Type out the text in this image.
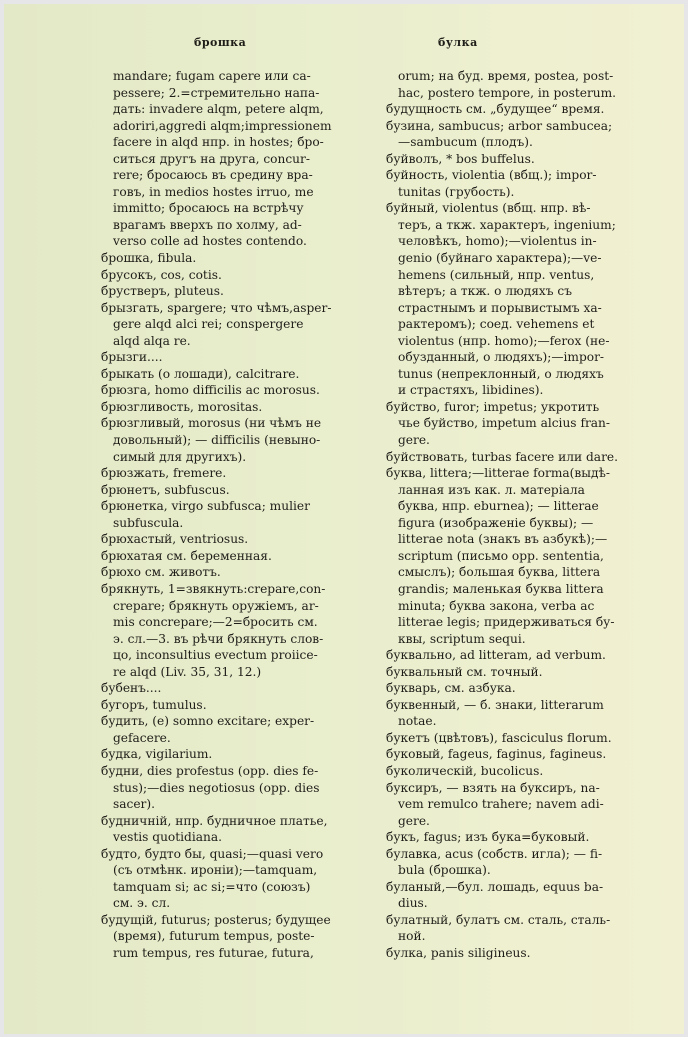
брошка	булка
mandare; fugam capere или ca-
pessere; 2.=стремительно напа-
дать: invadere alqm, petere alqm,
adoriri,aggredi alqm;impressionem
facere in alqd нпр. in hostes; бро-
ситься другъ на друга, concur-
rere; бросаюсь въ средину вра-
говъ, in medios hostes irruo, me
immitto; бросаюсь на встрѣчу
врагамъ вверхъ по холму, ad-
verso colle ad hostes contendo.
брошка, fibula.
брусокъ, cos, cotis.
бруствеpъ, pluteus.
брызгать, spargere; что чѣмъ,asper-
gere alqd alci rei; conspergere
alqd alqa re.
брызги....
брыкать (о лошади), calcitrare.
брюзга, homo difficilis ac morosus.
брюзгливость, morositas.
брюзгливый, morosus (ни чѣмъ не
довольный); — difficilis (невыно-
симый для другихъ).
брюзжать, fremere.
брюнетъ, subfuscus.
брюнетка, virgo subfusca; mulier
subfuscula.
брюхастый, ventriosus.
брюхатая см. беременная.
брюхо см. животъ.
брякнуть, 1=звякнуть:crepare,con-
crepare; брякнуть оружіемъ, ar-
mis concrepare;—2=бросить см.
э. сл.—3. въ рѣчи брякнуть слов-
цо, inconsultius evectum proiice-
re alqd (Liv. 35, 31, 12.)
бубенъ....
бугоръ, tumulus.
будить, (e) somno excitare; exper-
gefacere.
будка, vigilarium.
будни, dies profestus (opp. dies fe-
stus);—dies negotiosus (opp. dies
sacer).
будничній, нпр. будничное платье,
vestis quotidiana.
будто, будто бы, quasi;—quasi vero
(съ отмѣнк. ироніи);—tamquam,
tamquam si; ac si;=что (союзъ)
см. э. сл.
будущій, futurus; posterus; будущее
(время), futurum tempus, poste-
rum tempus, res futurae, futura,
orum; на буд. время, postea, post-
hac, postero tempore, in posterum.
будущность см. „будущее“ время.
бузина, sambucus; arbor sambucea;
—sambucum (плодъ).
буйволъ, * bos buffelus.
буйность, violentia (вбщ.); impor-
tunitas (грубость).
буйный, violentus (вбщ. нпр. вѣ-
теръ, а ткж. характеръ, ingenium;
человѣкъ, homo);—violentus in-
genio (буйнаго характера);—ve-
hemens (сильный, нпр. ventus,
вѣтеръ; а ткж. о людяхъ съ
страстнымъ и порывистымъ ха-
рактеромъ); соед. vehemens et
violentus (нпр. homo);—ferox (не-
обузданный, о людяхъ);—impor-
tunus (непреклонный, о людяхъ
и страстяхъ, libidines).
буйство, furor; impetus; укротить
чье буйство, impetum alcius fran-
gere.
буйствовать, turbas facere или dare.
буква, littera;—litterae forma(выдѣ-
ланная изъ как. л. матеріала
буква, нпр. eburnea); — litterae
figura (изображеніе буквы); —
litterae nota (знакъ въ азбукѣ);—
scriptum (письмо opp. sententia,
смыслъ); большая буква, littera
grandis; маленькая буква littera
minuta; буква закона, verba ac
litterae legis; придерживаться бу-
квы, scriptum sequi.
буквально, ad litteram, ad verbum.
буквальный см. точный.
букварь, см. азбука.
буквенный, — б. знаки, litterarum
notae.
букетъ (цвѣтовъ), fasciculus florum.
буковый, fageus, faginus, fagineus.
буколическій, bucolicus.
буксиръ, — взять на буксиръ, na-
vem remulco trahere; navem adi-
gere.
букъ, fagus; изъ бука=буковый.
булавка, acus (собств. игла); — fi-
bula (брошка).
буланый,—бул. лошадь, equus ba-
dius.
булатный, булатъ см. сталь, сталь-
ной.
булка, panis siligineus.
